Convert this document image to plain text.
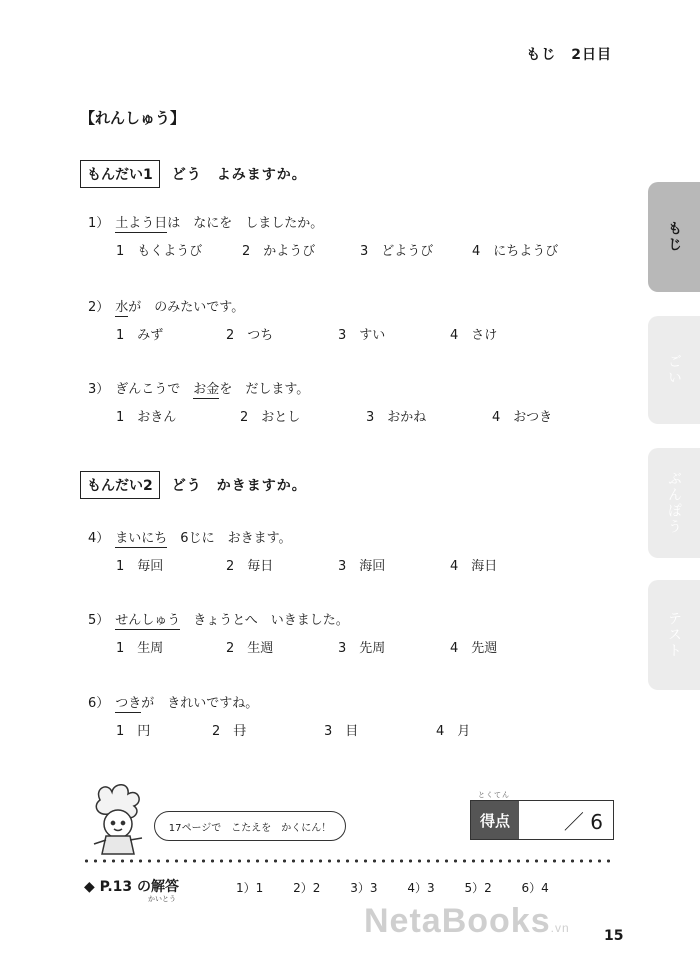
もじ　2日目
【れんしゅう】
もんだい1 どう　よみますか。
もんだい2 どう　かきますか。
1） 土よう日は　なにを　しましたか。
1　もくようび	2　かようび	3　どようび	4　にちようび
2） 水が　のみたいです。
1　みず	2　つち	3　すい	4　さけ
3） ぎんこうで　お金を　だします。
1　おきん	2　おとし	3　おかね	4　おつき
4） まいにち　6じに　おきます。
1　毎回	2　毎日	3　海回	4　海日
5） せんしゅう　きょうとへ　いきました。
1　生周	2　生週	3　先周	4　先週
6） つきが　きれいですね。
1　円	2　冄	3　目	4　月
もじ
ごい
ぶんぽう
テスト
17ページで　こたえを　かくにん！
とくてん
得点	／ 6
◆ P.13 の解答
かいとう
1）1 2）2 3）3 4）3 5）2 6）4
NetaBooks.vn 15
